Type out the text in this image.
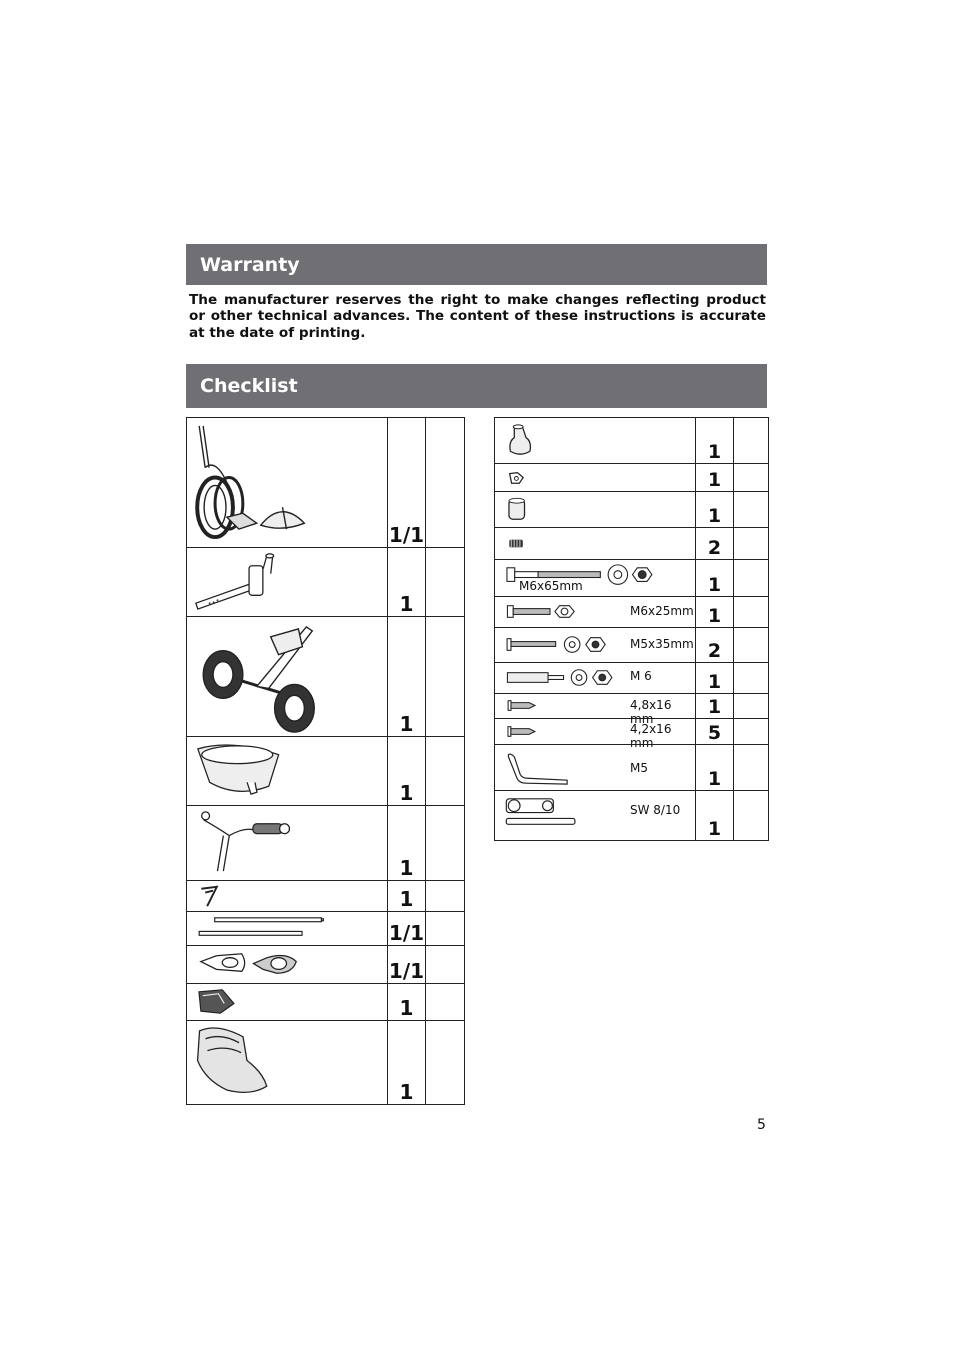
Warranty
The manufacturer reserves the right to make changes reflecting product or other technical advances. The content of these instructions is accurate at the date of printing.
Checklist
	1/1	

	1	

	1	

	1	

	1	

	1	

	1/1	

	1/1	

	1	

	1	
	1	

	1	

	1	

	2	

M6x65mm	1	

M6x25mm	1	

M5x35mm	2	

M 6	1	

4,8x16 mm	1	

4,2x16 mm	5	

M5	1	

SW 8/10	1	
5
